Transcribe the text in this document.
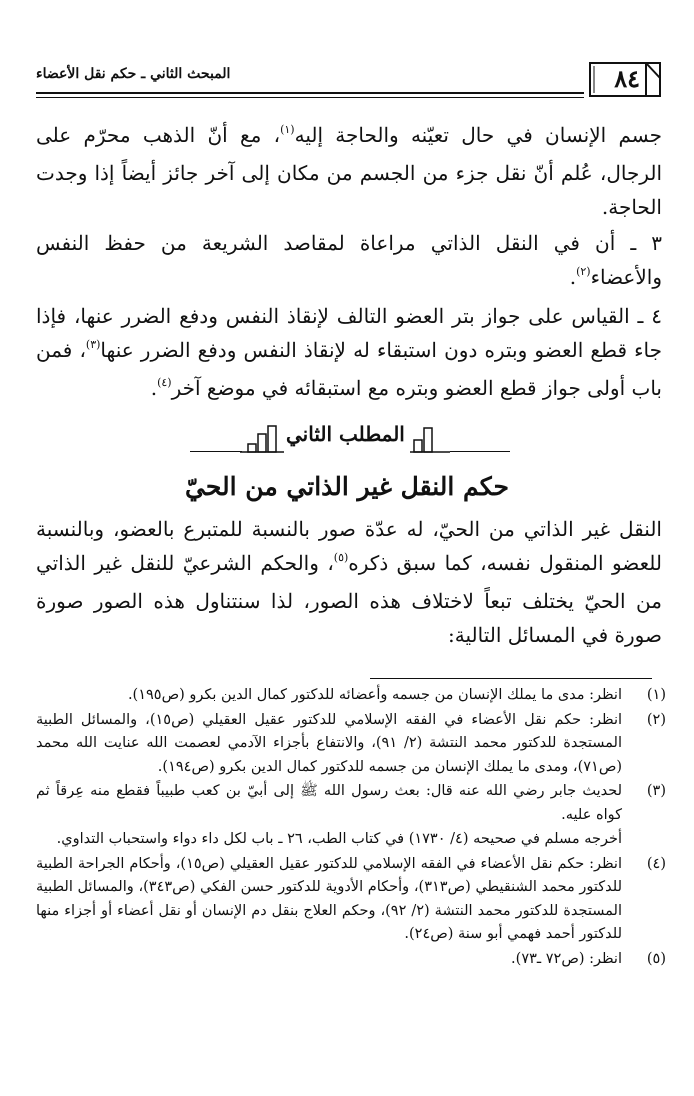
المبحث الثاني ـ حكم نقل الأعضاء	٨٤

جسم الإنسان في حال تعيّنه والحاجة إليه$^{(١)}$، مع أنّ الذهب محرّم على الرجال، عُلم أنّ نقل جزء من الجسم من مكان إلى آخر جائز أيضاً إذا وجدت الحاجة.

٣ ـ أن في النقل الذاتي مراعاة لمقاصد الشريعة من حفظ النفس والأعضاء$^{(٢)}$.

٤ ـ القياس على جواز بتر العضو التالف لإنقاذ النفس ودفع الضرر عنها، فإذا جاء قطع العضو وبتره دون استبقاء له لإنقاذ النفس ودفع الضرر عنها$^{(٣)}$، فمن باب أولى جواز قطع العضو وبتره مع استبقائه في موضع آخر$^{(٤)}$.

المطلب الثاني
حكم النقل غير الذاتي من الحيّ

النقل غير الذاتي من الحيّ، له عدّة صور بالنسبة للمتبرع بالعضو، وبالنسبة للعضو المنقول نفسه، كما سبق ذكره$^{(٥)}$، والحكم الشرعيّ للنقل غير الذاتي من الحيّ يختلف تبعاً لاختلاف هذه الصور، لذا سنتناول هذه الصور صورة صورة في المسائل التالية:

(١)
انظر: مدى ما يملك الإنسان من جسمه وأعضائه للدكتور كمال الدين بكرو (ص١٩٥).

(٢)
انظر: حكم نقل الأعضاء في الفقه الإسلامي للدكتور عقيل العقيلي (ص١٥)، والمسائل الطبية المستجدة للدكتور محمد النتشة (٢/ ٩١)، والانتفاع بأجزاء الآدمي لعصمت الله عنايت الله محمد (ص٧١)، ومدى ما يملك الإنسان من جسمه للدكتور كمال الدين بكرو (ص١٩٤).

(٣)
لحديث جابر رضي الله عنه قال: بعث رسول الله ﷺ إلى أبيّ بن كعب طبيباً فقطع منه عِرقاً ثم كواه عليه.

أخرجه مسلم في صحيحه (٤/ ١٧٣٠) في كتاب الطب، ٢٦ ـ باب لكل داء دواء واستحباب التداوي.

(٤)
انظر: حكم نقل الأعضاء في الفقه الإسلامي للدكتور عقيل العقيلي (ص١٥)، وأحكام الجراحة الطبية للدكتور محمد الشنقيطي (ص٣١٣)، وأحكام الأدوية للدكتور حسن الفكي (ص٣٤٣)، والمسائل الطبية المستجدة للدكتور محمد النتشة (٢/ ٩٢)، وحكم العلاج بنقل دم الإنسان أو نقل أعضاء أو أجزاء منها للدكتور أحمد فهمي أبو سنة (ص٢٤).

(٥)
انظر: (ص٧٢ ـ٧٣).
